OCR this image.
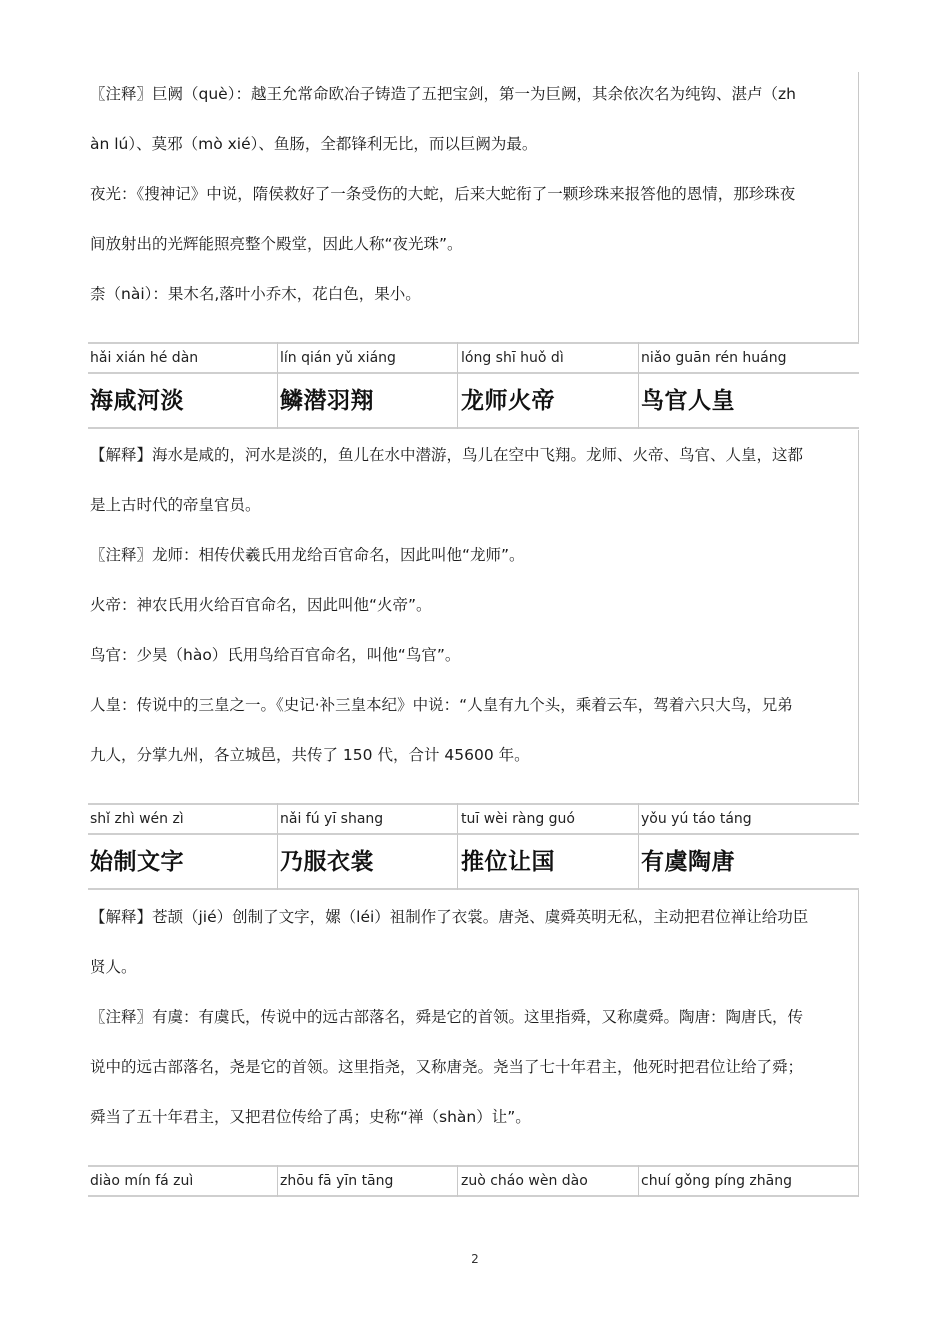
〖注释〗巨阙（què）：越王允常命欧冶子铸造了五把宝剑，第一为巨阙，其余依次名为纯钩、湛卢（zh
àn lú）、莫邪（mò xié）、鱼肠，全都锋利无比，而以巨阙为最。
夜光：《搜神记》中说，隋侯救好了一条受伤的大蛇，后来大蛇衔了一颗珍珠来报答他的恩情，那珍珠夜
间放射出的光辉能照亮整个殿堂，因此人称“夜光珠”。
柰（nài）：果木名,落叶小乔木，花白色，果小。
hǎi xián hé dàn	lín qián yǔ xiáng	lóng shī huǒ dì	niǎo guān rén huáng
海咸河淡	鳞潜羽翔	龙师火帝	鸟官人皇
【解释】海水是咸的，河水是淡的，鱼儿在水中潜游，鸟儿在空中飞翔。龙师、火帝、鸟官、人皇，这都
是上古时代的帝皇官员。
〖注释〗龙师：相传伏羲氏用龙给百官命名，因此叫他“龙师”。
火帝：神农氏用火给百官命名，因此叫他“火帝”。
鸟官：少昊（hào）氏用鸟给百官命名，叫他“鸟官”。
人皇：传说中的三皇之一。《史记·补三皇本纪》中说：“人皇有九个头，乘着云车，驾着六只大鸟，兄弟
九人，分掌九州，各立城邑，共传了 150 代，合计 45600 年。
shǐ zhì wén zì	nǎi fú yī shang	tuī wèi ràng guó	yǒu yú táo táng
始制文字	乃服衣裳	推位让国	有虞陶唐
【解释】苍颉（jié）创制了文字，嫘（léi）祖制作了衣裳。唐尧、虞舜英明无私，主动把君位禅让给功臣
贤人。
〖注释〗有虞：有虞氏，传说中的远古部落名，舜是它的首领。这里指舜，又称虞舜。陶唐：陶唐氏，传
说中的远古部落名，尧是它的首领。这里指尧，又称唐尧。尧当了七十年君主，他死时把君位让给了舜；
舜当了五十年君主，又把君位传给了禹；史称“禅（shàn）让”。
diào mín fá zuì	zhōu fā yīn tāng	zuò cháo wèn dào	chuí gǒng píng zhāng
2
